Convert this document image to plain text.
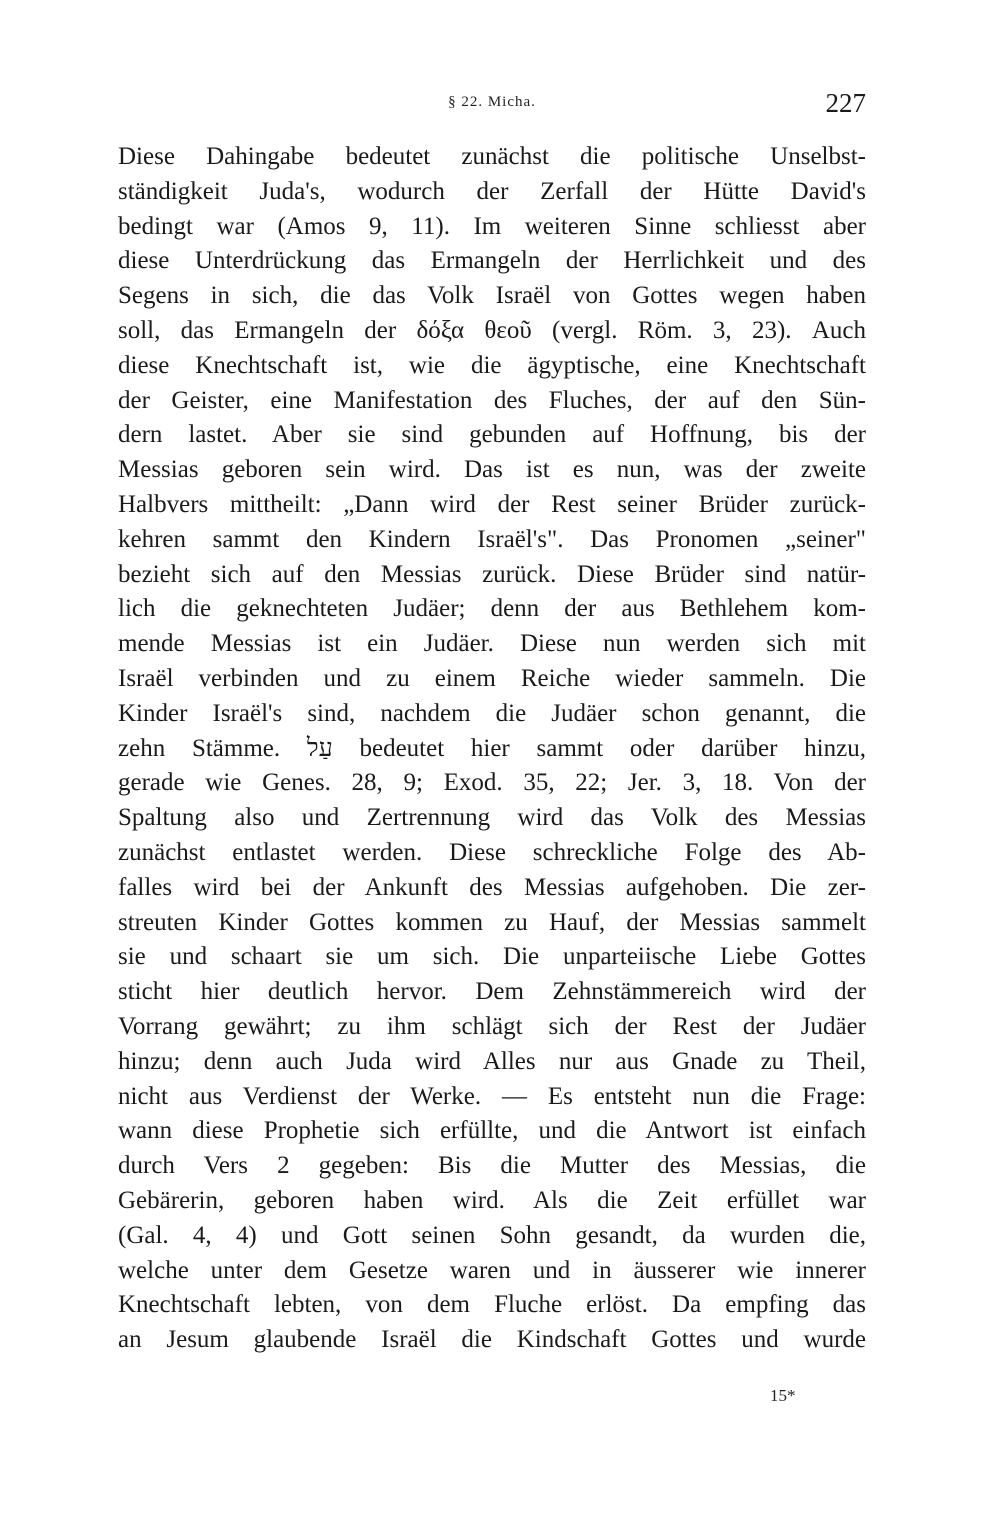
§ 22. Micha.	227
Diese Dahingabe bedeutet zunächst die politische Unselbst-
ständigkeit Juda's, wodurch der Zerfall der Hütte David's
bedingt war (Amos 9, 11). Im weiteren Sinne schliesst aber
diese Unterdrückung das Ermangeln der Herrlichkeit und des
Segens in sich, die das Volk Israël von Gottes wegen haben
soll, das Ermangeln der δόξα θεοῦ (vergl. Röm. 3, 23). Auch
diese Knechtschaft ist, wie die ägyptische, eine Knechtschaft
der Geister, eine Manifestation des Fluches, der auf den Sün-
dern lastet. Aber sie sind gebunden auf Hoffnung, bis der
Messias geboren sein wird. Das ist es nun, was der zweite
Halbvers mittheilt: „Dann wird der Rest seiner Brüder zurück-
kehren sammt den Kindern Israël's". Das Pronomen „seiner"
bezieht sich auf den Messias zurück. Diese Brüder sind natür-
lich die geknechteten Judäer; denn der aus Bethlehem kom-
mende Messias ist ein Judäer. Diese nun werden sich mit
Israël verbinden und zu einem Reiche wieder sammeln. Die
Kinder Israël's sind, nachdem die Judäer schon genannt, die
zehn Stämme. עַל bedeutet hier sammt oder darüber hinzu,
gerade wie Genes. 28, 9; Exod. 35, 22; Jer. 3, 18. Von der
Spaltung also und Zertrennung wird das Volk des Messias
zunächst entlastet werden. Diese schreckliche Folge des Ab-
falles wird bei der Ankunft des Messias aufgehoben. Die zer-
streuten Kinder Gottes kommen zu Hauf, der Messias sammelt
sie und schaart sie um sich. Die unparteiische Liebe Gottes
sticht hier deutlich hervor. Dem Zehnstämmereich wird der
Vorrang gewährt; zu ihm schlägt sich der Rest der Judäer
hinzu; denn auch Juda wird Alles nur aus Gnade zu Theil,
nicht aus Verdienst der Werke. — Es entsteht nun die Frage:
wann diese Prophetie sich erfüllte, und die Antwort ist einfach
durch Vers 2 gegeben: Bis die Mutter des Messias, die
Gebärerin, geboren haben wird. Als die Zeit erfüllet war
(Gal. 4, 4) und Gott seinen Sohn gesandt, da wurden die,
welche unter dem Gesetze waren und in äusserer wie innerer
Knechtschaft lebten, von dem Fluche erlöst. Da empfing das
an Jesum glaubende Israël die Kindschaft Gottes und wurde
15*
